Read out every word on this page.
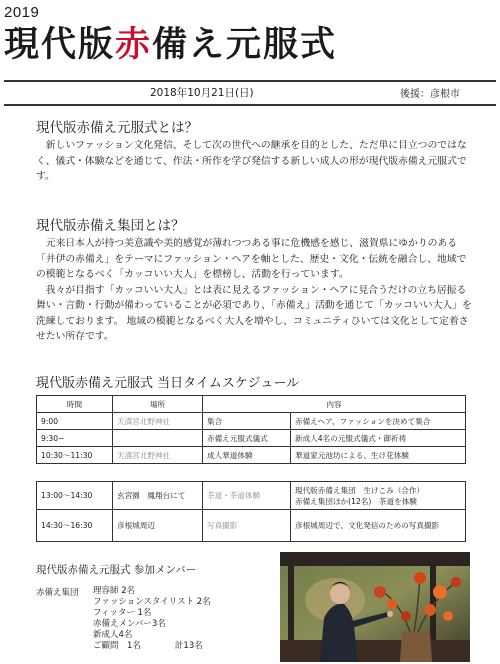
2019
現代版赤備え元服式
2018年10月21日(日)	後援：彦根市
現代版赤備え元服式とは？

新しいファッション文化発信、そして次の世代への継承を目的とした、ただ単に目立つのではなく、儀式・体験などを通じて、作法・所作を学び発信する新しい成人の形が現代版赤備え元服式です。

現代版赤備え集団とは？

元来日本人が持つ美意識や美的感覚が薄れつつある事に危機感を感じ、滋賀県にゆかりのある「井伊の赤備え」をテーマにファッション・ヘアを軸とした、歴史・文化・伝統を融合し、地域での模範となるべく「カッコいい大人」を標榜し、活動を行っています。

我々が目指す「カッコいい大人」とは表に見えるファッション・ヘアに見合うだけの立ち居振る舞い・言動・行動が備わっていることが必須であり、「赤備え」活動を通じて「カッコいい大人」を洗練しております。 地域の模範となるべく大人を増やし、コミュニティひいては文化として定着させたい所存です。

現代版赤備え元服式 当日タイムスケジュール
時間	場所	内容	
9:00	天満宮北野神社	集合	赤備えヘア、ファッションを決めて集合
9:30~		赤備え元服式儀式	新成人4名の元服式儀式・御祈祷
10:30～11:30	天満宮北野神社	成人華道体験	華道家元池坊による、生け花体験
13:00～14:30	玄宮園　鳳翔台にて	茶道・茶道体験	現代版赤備え集団　生けこみ（合作）
赤備え集団ほか(12名)　茶道を体験

14:30～16:30	彦根城周辺	写真撮影	彦根城周辺で、文化発信のための写真撮影
現代版赤備え元服式 参加メンバー
赤備え集団 理容師 2名
ファッションスタイリスト 2名
フィッター 1名
赤備えメンバー3名
新成人4名
ご顧問　1名　　　　計13名
